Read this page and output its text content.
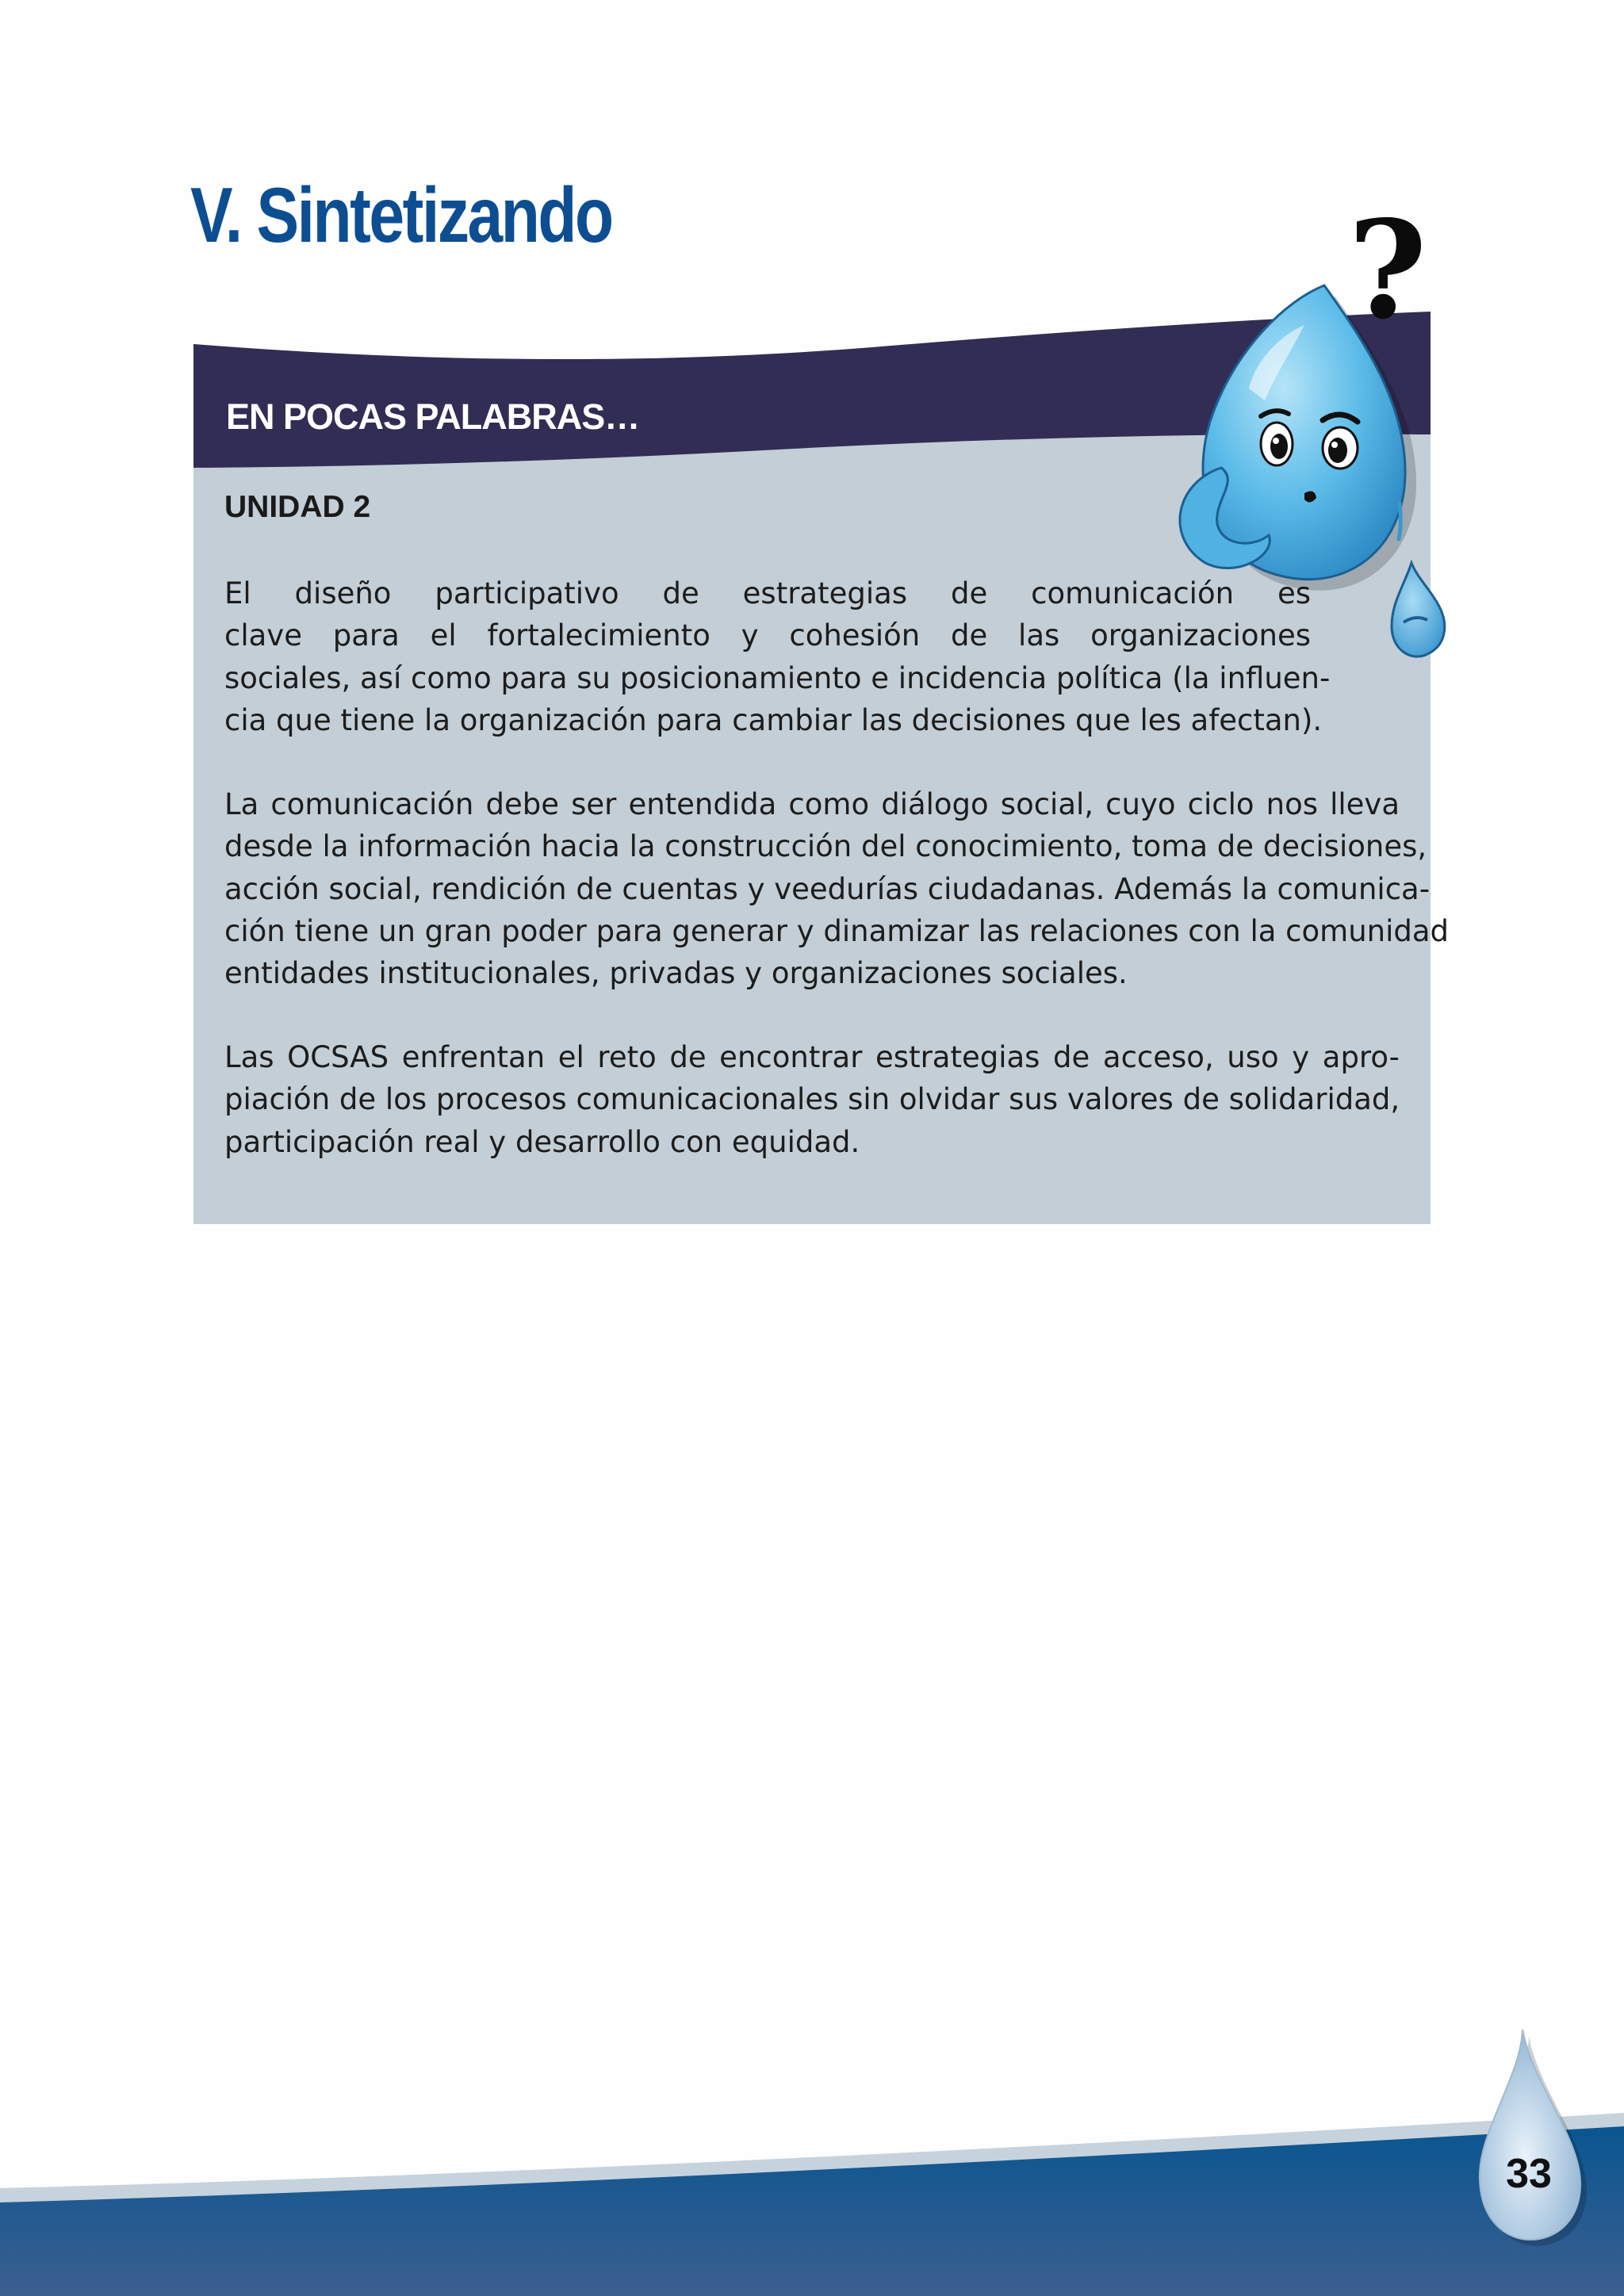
V. Sintetizando
EN POCAS PALABRAS…
UNIDAD 2

El diseño participativo de estrategias de comunicación es
clave para el fortalecimiento y cohesión de las organizaciones
sociales, así como para su posicionamiento e incidencia política (la influen-
cia que tiene la organización para cambiar las decisiones que les afectan).

La comunicación debe ser entendida como diálogo social, cuyo ciclo nos lleva
desde la información hacia la construcción del conocimiento, toma de decisiones,
acción social, rendición de cuentas y veedurías ciudadanas. Además la comunica-
ción tiene un gran poder para generar y dinamizar las relaciones con la comunidad
entidades institucionales, privadas y organizaciones sociales.

Las OCSAS enfrentan el reto de encontrar estrategias de acceso, uso y apro-
piación de los procesos comunicacionales sin olvidar sus valores de solidaridad,
participación real y desarrollo con equidad.

?

33
